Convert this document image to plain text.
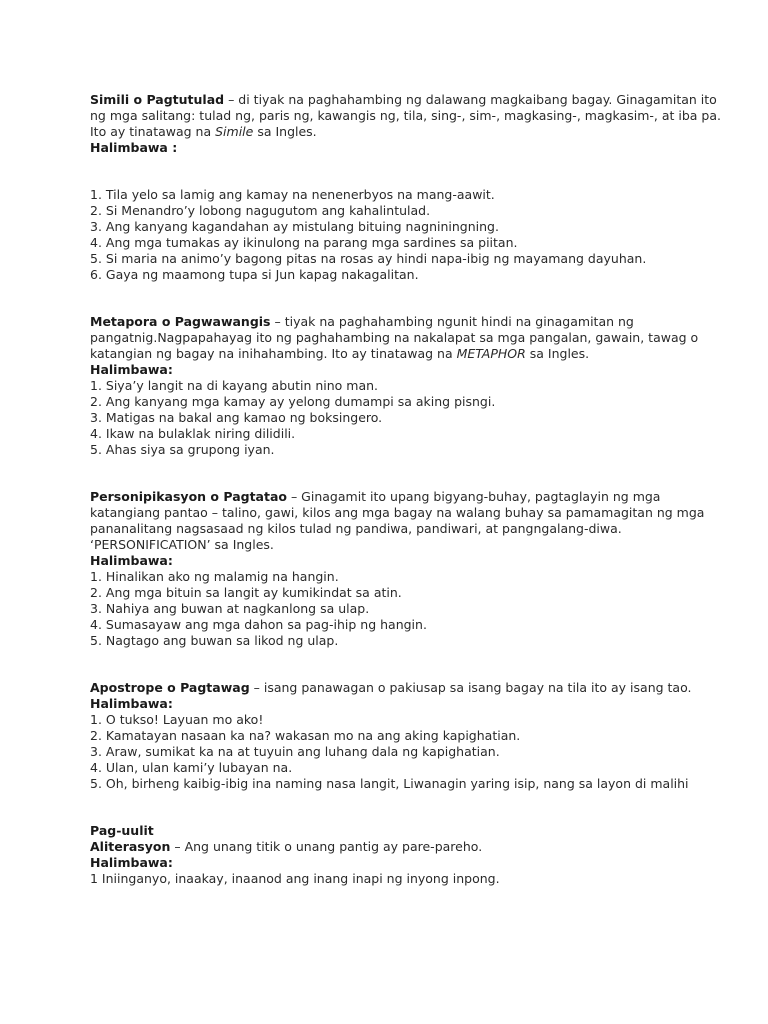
Simili o Pagtutulad – di tiyak na paghahambing ng dalawang magkaibang bagay. Ginagamitan ito ng mga salitang: tulad ng, paris ng, kawangis ng, tila, sing-, sim-, magkasing-, magkasim-, at iba pa. Ito ay tinatawag na Simile sa Ingles.
Halimbawa :
1. Tila yelo sa lamig ang kamay na nenenerbyos na mang-aawit.
2. Si Menandro’y lobong nagugutom ang kahalintulad.
3. Ang kanyang kagandahan ay mistulang bituing nagniningning.
4. Ang mga tumakas ay ikinulong na parang mga sardines sa piitan.
5. Si maria na animo’y bagong pitas na rosas ay hindi napa-ibig ng mayamang dayuhan.
6. Gaya ng maamong tupa si Jun kapag nakagalitan.
Metapora o Pagwawangis – tiyak na paghahambing ngunit hindi na ginagamitan ng pangatnig.Nagpapahayag ito ng paghahambing na nakalapat sa mga pangalan, gawain, tawag o katangian ng bagay na inihahambing. Ito ay tinatawag na METAPHOR sa Ingles.
Halimbawa:
1. Siya’y langit na di kayang abutin nino man.
2. Ang kanyang mga kamay ay yelong dumampi sa aking pisngi.
3. Matigas na bakal ang kamao ng boksingero.
4. Ikaw na bulaklak niring dilidili.
5. Ahas siya sa grupong iyan.
Personipikasyon o Pagtatao – Ginagamit ito upang bigyang-buhay, pagtaglayin ng mga katangiang pantao – talino, gawi, kilos ang mga bagay na walang buhay sa pamamagitan ng mga pananalitang nagsasaad ng kilos tulad ng pandiwa, pandiwari, at pangngalang-diwa. ‘PERSONIFICATION’ sa Ingles.
Halimbawa:
1. Hinalikan ako ng malamig na hangin.
2. Ang mga bituin sa langit ay kumikindat sa atin.
3. Nahiya ang buwan at nagkanlong sa ulap.
4. Sumasayaw ang mga dahon sa pag-ihip ng hangin.
5. Nagtago ang buwan sa likod ng ulap.
Apostrope o Pagtawag – isang panawagan o pakiusap sa isang bagay na tila ito ay isang tao.
Halimbawa:
1. O tukso! Layuan mo ako!
2. Kamatayan nasaan ka na? wakasan mo na ang aking kapighatian.
3. Araw, sumikat ka na at tuyuin ang luhang dala ng kapighatian.
4. Ulan, ulan kami’y lubayan na.
5. Oh, birheng kaibig-ibig ina naming nasa langit, Liwanagin yaring isip, nang sa layon di malihi
Pag-uulit
Aliterasyon – Ang unang titik o unang pantig ay pare-pareho.
Halimbawa:
1 Iniinganyo, inaakay, inaanod ang inang inapi ng inyong inpong.
